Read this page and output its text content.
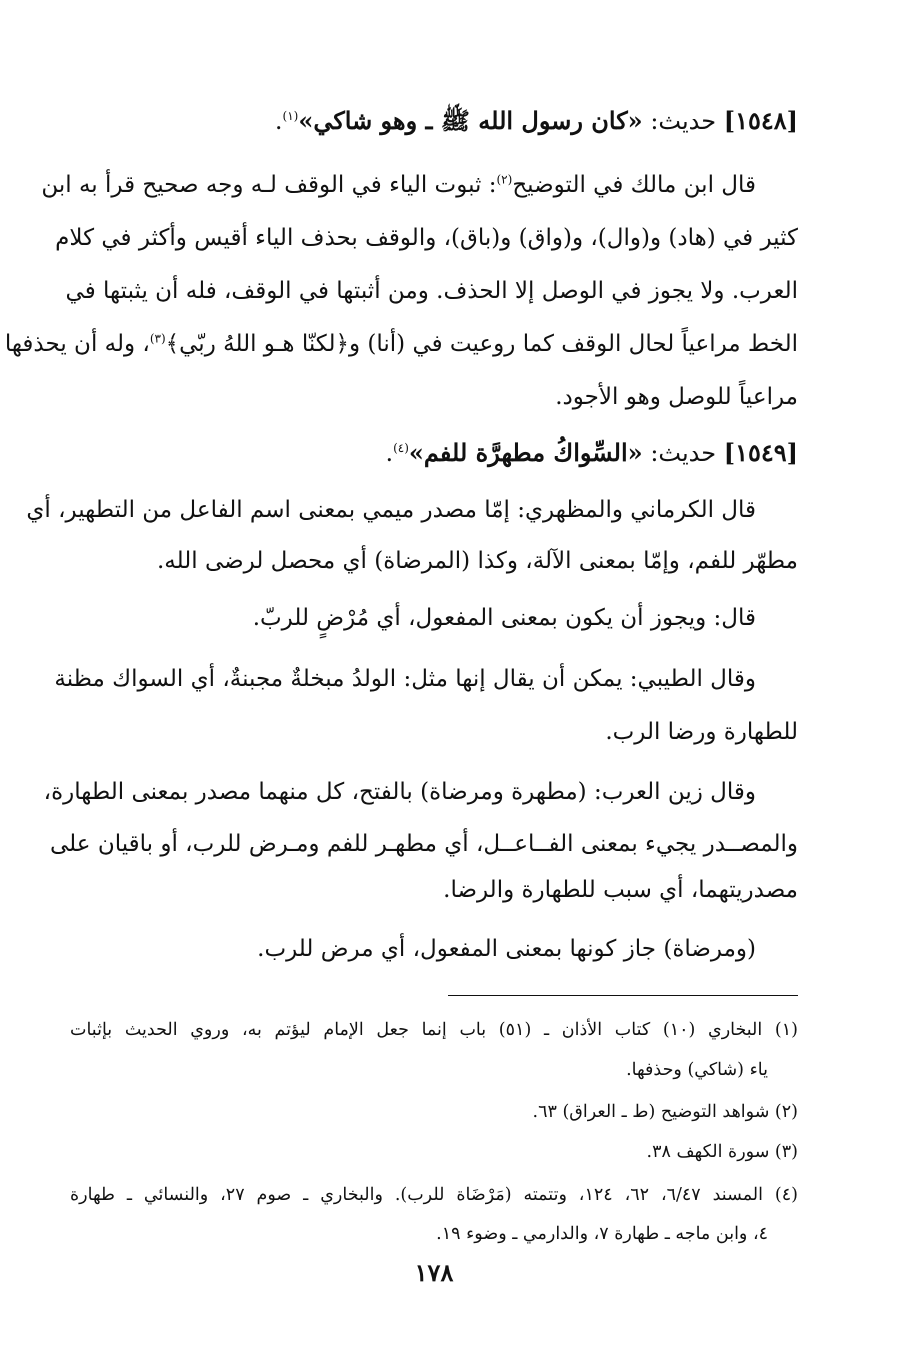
[١٥٤٨] حديث: «كان رسول الله ﷺ ـ وهو شاكي»$^{(١)}$.
قال ابن مالك في التوضيح$^{(٢)}$: ثبوت الياء في الوقف لـه وجه صحيح قرأ به ابن
كثير في (هاد) و(وال)، و(واق) و(باق)، والوقف بحذف الياء أقيس وأكثر في كلام
العرب. ولا يجوز في الوصل إلا الحذف. ومن أثبتها في الوقف، فله أن يثبتها في
الخط مراعياً لحال الوقف كما روعيت في (أنا) و﴿لكنّا هـو اللهُ ربّي﴾$^{(٣)}$، وله أن يحذفها
مراعياً للوصل وهو الأجود.
[١٥٤٩] حديث: «السِّواكُ مطهرَّة للفم»$^{(٤)}$.
قال الكرماني والمظهري: إمّا مصدر ميمي بمعنى اسم الفاعل من التطهير، أي
مطهّر للفم، وإمّا بمعنى الآلة، وكذا (المرضاة) أي محصل لرضى الله.
قال: ويجوز أن يكون بمعنى المفعول، أي مُرْضٍ للربّ.
وقال الطيبي: يمكن أن يقال إنها مثل: الولدُ مبخلةٌ مجبنةٌ، أي السواك مظنة
للطهارة ورضا الرب.
وقال زين العرب: (مطهرة ومرضاة) بالفتح، كل منهما مصدر بمعنى الطهارة،
والمصــدر يجيء بمعنى الفــاعــل، أي مطهـر للفم ومـرض للرب، أو باقيان على
مصدريتهما، أي سبب للطهارة والرضا.
(ومرضاة) جاز كونها بمعنى المفعول، أي مرض للرب.
(١) البخاري (١٠) كتاب الأذان ـ (٥١) باب إنما جعل الإمام ليؤتم به، وروي الحديث بإثبات
ياء (شاكي) وحذفها.
(٢) شواهد التوضيح (ط ـ العراق) ٦٣.
(٣) سورة الكهف ٣٨.
(٤) المسند ٦/٤٧، ٦٢، ١٢٤، وتتمته (مَرْضَاة للرب). والبخاري ـ صوم ٢٧، والنسائي ـ طهارة
٤، وابن ماجه ـ طهارة ٧، والدارمي ـ وضوء ١٩.
١٧٨
